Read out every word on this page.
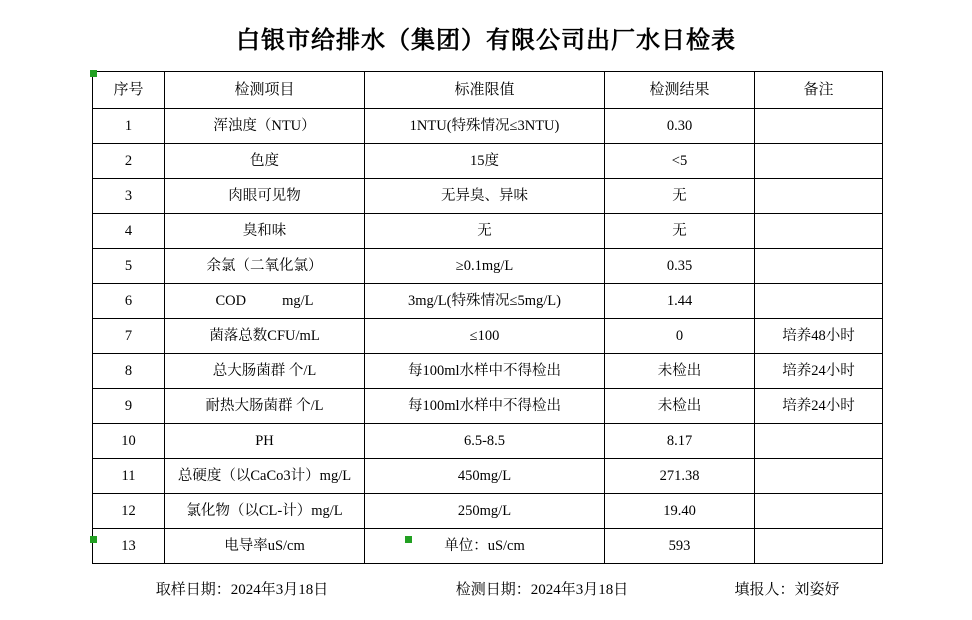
白银市给排水（集团）有限公司出厂水日检表
序号	检测项目	标准限值	检测结果	备注
1	浑浊度（NTU）	1NTU(特殊情况≤3NTU)	0.30	
2	色度	15度	<5	
3	肉眼可见物	无异臭、异味	无	
4	臭和味	无	无	
5	余氯（二氧化氯）	≥0.1mg/L	0.35	
6	COD mg/L	3mg/L(特殊情况≤5mg/L)	1.44	
7	菌落总数CFU/mL	≤100	0	培养48小时
8	总大肠菌群 个/L	每100ml水样中不得检出	未检出	培养24小时
9	耐热大肠菌群 个/L	每100ml水样中不得检出	未检出	培养24小时
10	PH	6.5-8.5	8.17	
11	总硬度（以CaCo3计）mg/L	450mg/L	271.38	
12	氯化物（以CL-计）mg/L	250mg/L	19.40	
13	电导率uS/cm	单位：uS/cm	593	
取样日期：2024年3月18日	检测日期：2024年3月18日	填报人：刘姿妤
